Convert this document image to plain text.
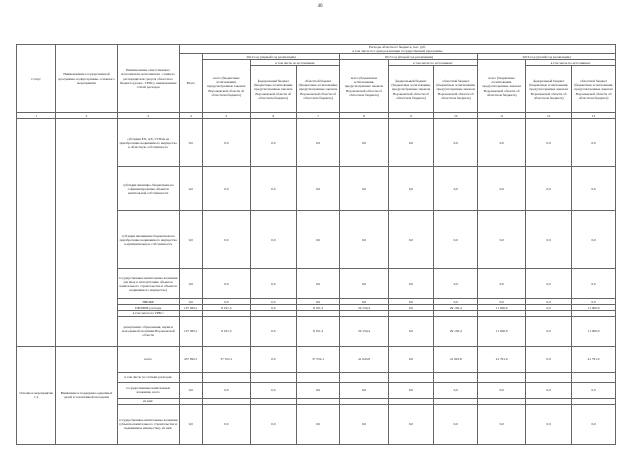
40
Статус	Наименование государственной программы, подпрограммы, основного мероприятия	Наименование ответственного исполнителя, исполнителя - главного распорядителя средств областного бюджета (далее - ГРБС), наименование статей расходов	Расходы областного бюджета, тыс. руб.
в том числе по годам реализации государственной программы									

			Всего	2014 год (первый год реализации)			2015 год (второй год реализации)			2016 год (третий год реализации)		
				всего (бюджетные ассигнования, предусмотренные законом Воронежской области об областном бюджете)	в том числе по источникам:		всего (бюджетные ассигнования, предусмотренные законом Воронежской области об областном бюджете)	в том числе по источникам:		всего (бюджетные ассигнования, предусмотренные законом Воронежской области об областном бюджете)	в том числе по источникам:	
					федеральный бюджет (бюджетные ассигнования, предусмотренные законом Воронежской области об областном бюджете)	областной бюджет (бюджетные ассигнования, предусмотренные законом Воронежской области об областном бюджете)		федеральный бюджет (бюджетные ассигнования, предусмотренные законом Воронежской области об областном бюджете)	областной бюджет (бюджетные ассигнования, предусмотренные законом Воронежской области об областном бюджете)		федеральный бюджет (бюджетные ассигнования, предусмотренные законом Воронежской области об областном бюджете)	областной бюджет (бюджетные ассигнования, предусмотренные законом Воронежской области об областном бюджете)
1	2	3	4	5	6	7	8	9	10	11	12	13
		субсидии ЕХ, АХ, ГУПам на приобретение недвижимого имущества в областную собственность	0,0	0,0	0,0	0,0	0,0	0,0	0,0	0,0	0,0	0,0
		субсидии жилищно-бюджетным на софинансирование объектов капитальной собственности	0,0	0,0	0,0	0,0	0,0	0,0	0,0	0,0	0,0	0,0
		субсидии жилищным бюджетным на приобретение недвижимого имущества в муниципальную собственность	0,0	0,0	0,0	0,0	0,0	0,0	0,0	0,0	0,0	0,0
		государственные капитальные вложения (на ввод в эксплуатацию объектов капитального строительства и объектов недвижимого имущества)	0,0	0,0	0,0	0,0	0,0	0,0	0,0	0,0	0,0	0,0
		НИОКР	0,0	0,0	0,0	0,0	0,0	0,0	0,0	0,0	0,0	0,0
		ПРОЧИЕ расходы	127 965,1	8 191,3	0,0	8 191,3	29 150,4	0,0	29 150,4	11 000,0	0,0	11 000,0
		в том числе по ГРБС:										
		департамент образования, науки и молодежной политики Воронежской области	127 965,1	8 191,3	0,0	8 191,3	29 150,4	0,0	29 150,4	11 000,0	0,0	11 000,0
Основное мероприятие 1.2	Выявление и поддержка одаренных детей и талантливой молодежи	всего	457 092,1	37 552,1	0,0	37 552,1	41 643,8	0,0	41 643,8	41 791,0	0,0	41 791,0
		в том числе по статьям расходов:										
		государственные капитальные вложения, всего	0,0	0,0	0,0	0,0	0,0	0,0	0,0	0,0	0,0	0,0
		из них:										
		государственные капитальные вложения (объекты капитального строительства и недвижимое имущество), из них:	0,0	0,0	0,0	0,0	0,0	0,0	0,0	0,0	0,0	0,0
